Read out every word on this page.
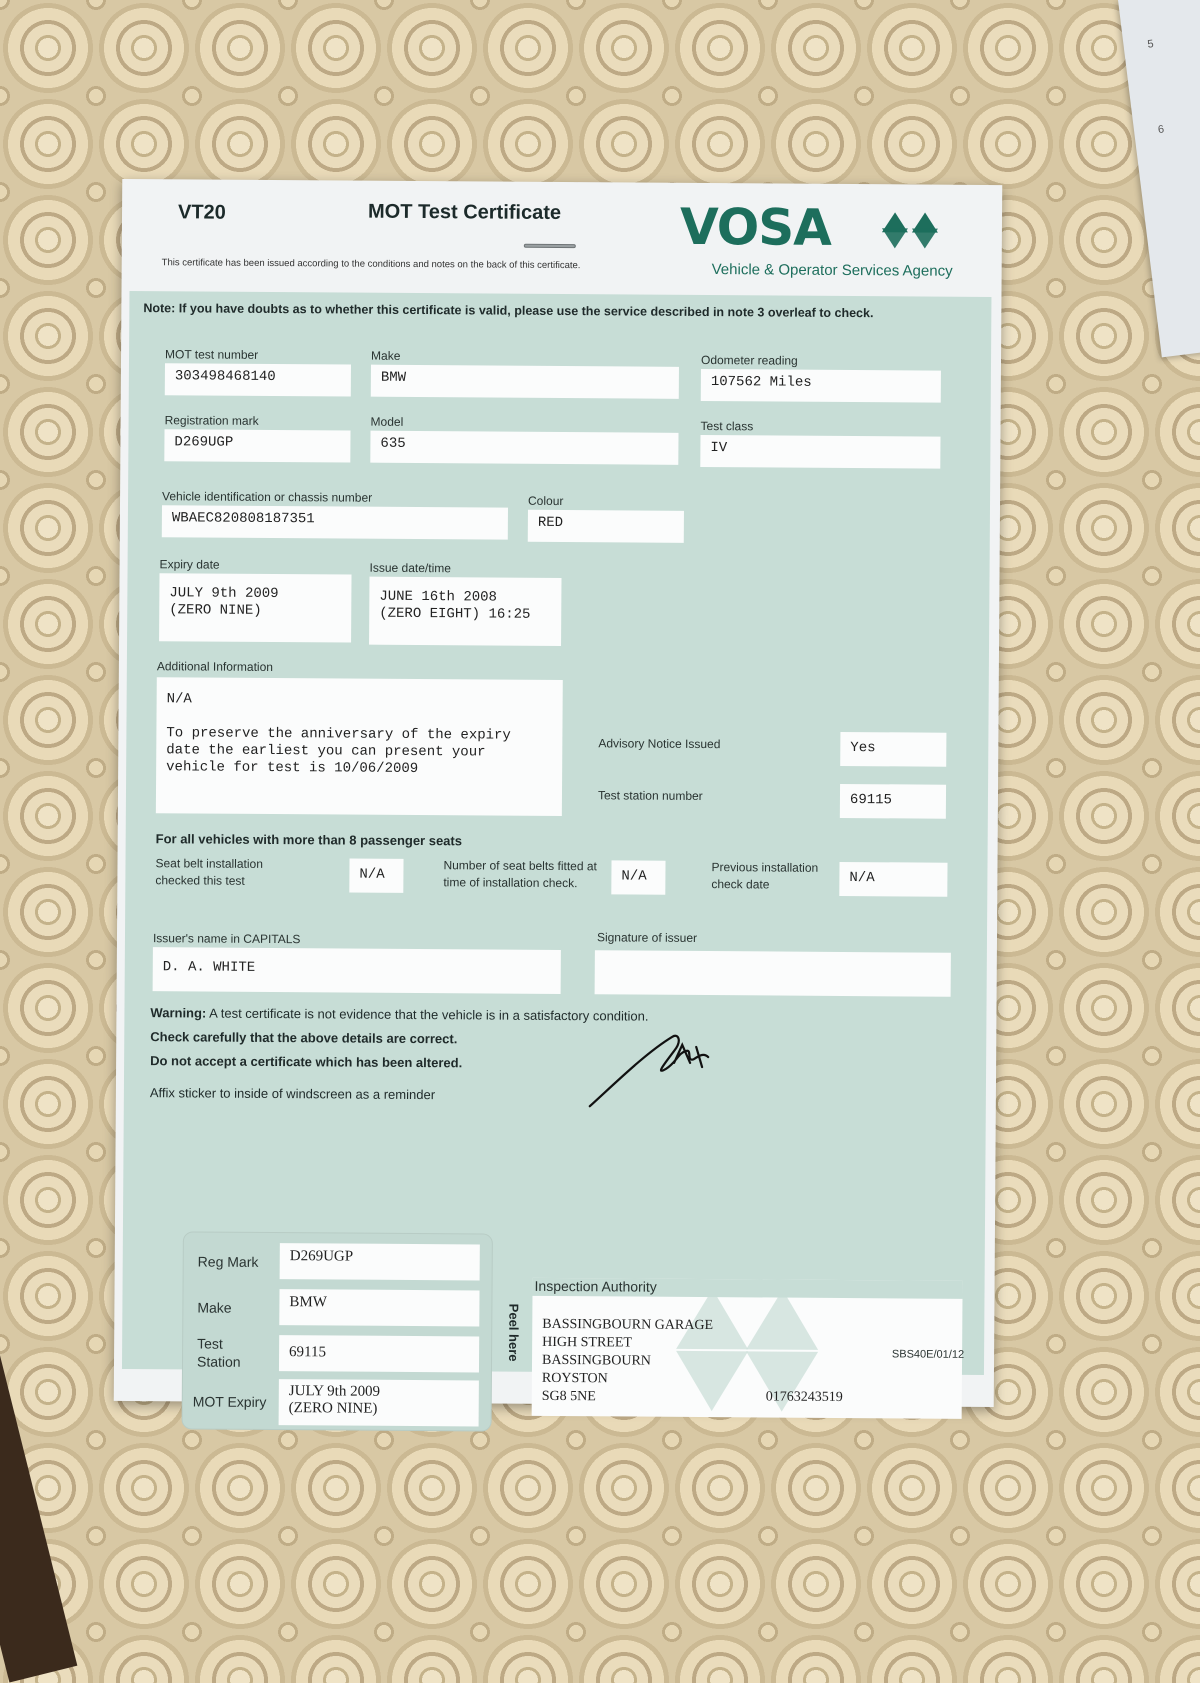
5
6
VT20	MOT Test Certificate
This certificate has been issued according to the conditions and notes on the back of this certificate.
VOSA
Vehicle & Operator Services Agency
Note: If you have doubts as to whether this certificate is valid, please use the service described in note 3 overleaf to check.
MOT test number
303498468140
Make
BMW
Odometer reading
107562 Miles
Registration mark
D269UGP
Model
635
Test class
IV
Vehicle identification or chassis number
WBAEC820808187351
Colour
RED
Expiry date
JULY 9th 2009
(ZERO NINE)
Issue date/time
JUNE 16th 2008
(ZERO EIGHT) 16:25
Additional Information
N/A

To preserve the anniversary of the expiry
date the earliest you can present your
vehicle for test is 10/06/2009
Advisory Notice Issued	Yes
Test station number	69115
For all vehicles with more than 8 passenger seats
Seat belt installation
checked this test	N/A
Number of seat belts fitted at
time of installation check.	N/A
Previous installation
check date	N/A
Issuer's name in CAPITALS
D. A. WHITE
Signature of issuer
Warning: A test certificate is not evidence that the vehicle is in a satisfactory condition.
Check carefully that the above details are correct.
Do not accept a certificate which has been altered.
Affix sticker to inside of windscreen as a reminder
Reg Mark	D269UGP
Make	BMW
Test
Station
69115
MOT Expiry
JULY 9th 2009
(ZERO NINE)
Peel here
Inspection Authority
BASSINGBOURN GARAGE
HIGH STREET
BASSINGBOURN
ROYSTON
SG8 5NE	01763243519
SBS40E/01/12
